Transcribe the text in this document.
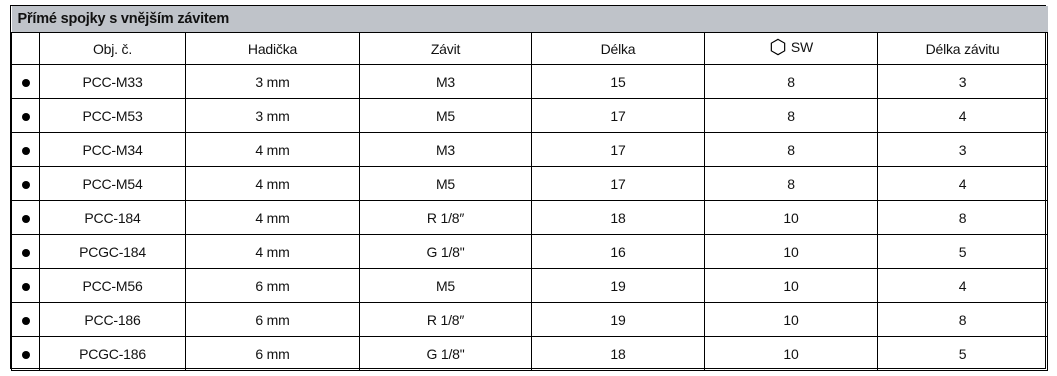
Přímé spojky s vnějším závitem						
	Obj. č.	Hadička	Závit	Délka	SW	Délka závitu
	PCC-M33	3 mm	M3	15	8	3
	PCC-M53	3 mm	M5	17	8	4
	PCC-M34	4 mm	M3	17	8	3
	PCC-M54	4 mm	M5	17	8	4
	PCC-184	4 mm	R 1/8″	18	10	8
	PCGC-184	4 mm	G 1/8"	16	10	5
	PCC-M56	6 mm	M5	19	10	4
	PCC-186	6 mm	R 1/8″	19	10	8
	PCGC-186	6 mm	G 1/8"	18	10	5
